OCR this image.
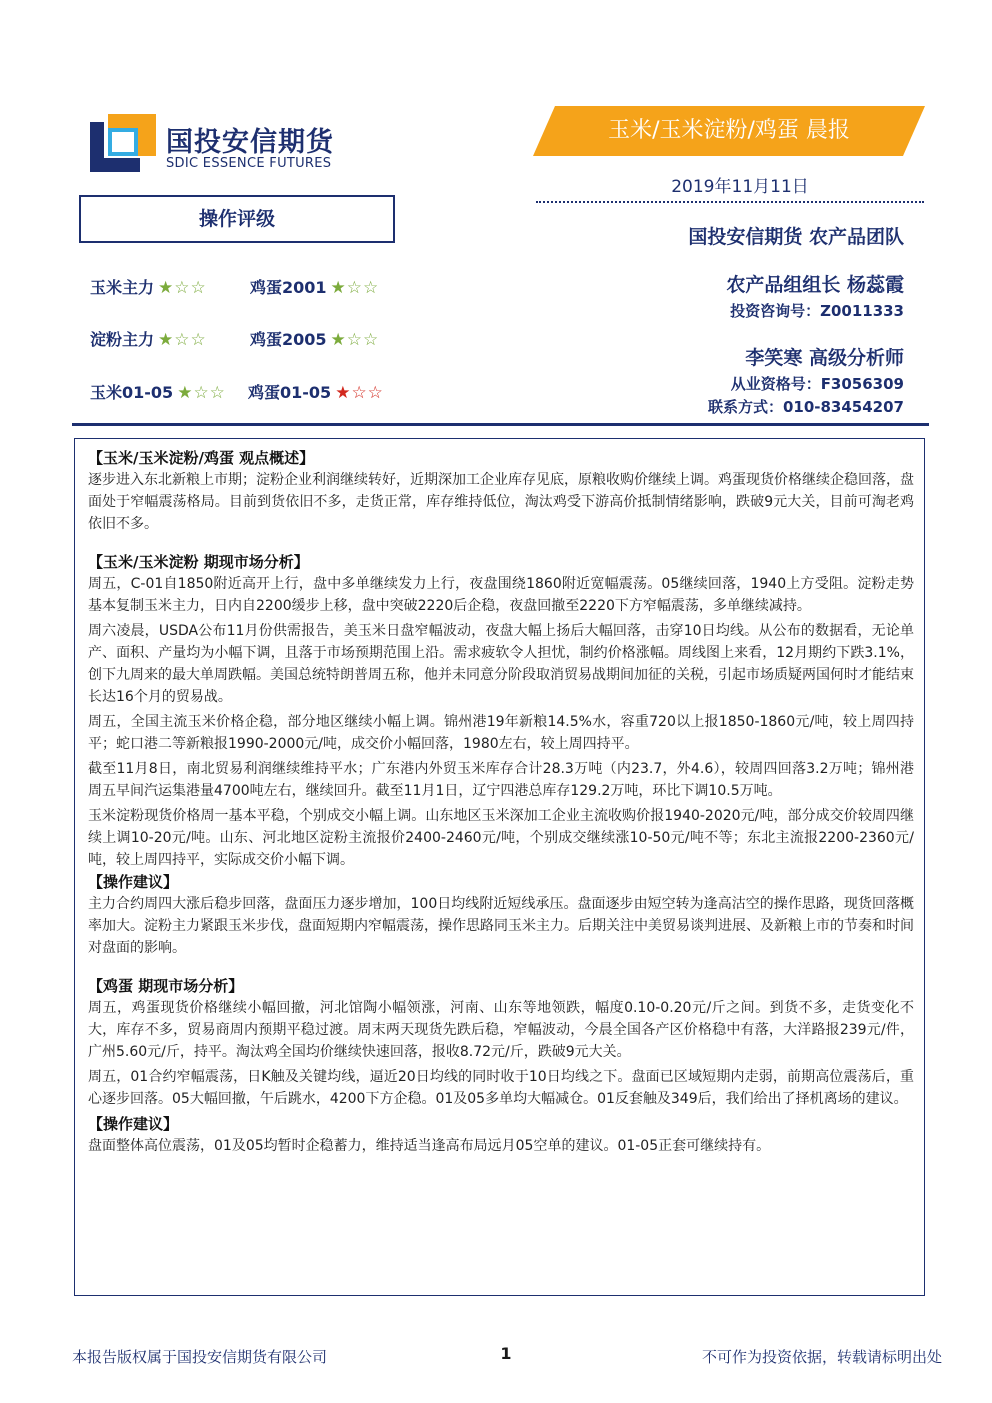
国投安信期货
SDIC ESSENCE FUTURES
玉米/玉米淀粉/鸡蛋 晨报
2019年11月11日
国投安信期货 农产品团队
农产品组组长 杨蕊霞
投资咨询号：Z0011333
李笑寒 高级分析师
从业资格号：F3056309
联系方式：010-83454207
操作评级
玉米主力 ★☆☆	鸡蛋2001 ★☆☆
淀粉主力 ★☆☆	鸡蛋2005 ★☆☆
玉米01-05 ★☆☆ 鸡蛋01-05 ★☆☆
【玉米/玉米淀粉/鸡蛋 观点概述】

逐步进入东北新粮上市期；淀粉企业利润继续转好，近期深加工企业库存见底，原粮收购价继续上调。鸡蛋现货价格继续企稳回落，盘面处于窄幅震荡格局。目前到货依旧不多，走货正常，库存维持低位，淘汰鸡受下游高价抵制情绪影响，跌破9元大关，目前可淘老鸡依旧不多。

【玉米/玉米淀粉 期现市场分析】

周五，C-01自1850附近高开上行，盘中多单继续发力上行，夜盘围绕1860附近宽幅震荡。05继续回落，1940上方受阻。淀粉走势基本复制玉米主力，日内自2200缓步上移，盘中突破2220后企稳，夜盘回撤至2220下方窄幅震荡，多单继续减持。

周六凌晨，USDA公布11月份供需报告，美玉米日盘窄幅波动，夜盘大幅上扬后大幅回落，击穿10日均线。从公布的数据看，无论单产、面积、产量均为小幅下调，且落于市场预期范围上沿。需求疲软令人担忧，制约价格涨幅。周线图上来看，12月期约下跌3.1%，创下九周来的最大单周跌幅。美国总统特朗普周五称，他并未同意分阶段取消贸易战期间加征的关税，引起市场质疑两国何时才能结束长达16个月的贸易战。

周五，全国主流玉米价格企稳，部分地区继续小幅上调。锦州港19年新粮14.5%水，容重720以上报1850-1860元/吨，较上周四持平；蛇口港二等新粮报1990-2000元/吨，成交价小幅回落，1980左右，较上周四持平。

截至11月8日，南北贸易利润继续维持平水；广东港内外贸玉米库存合计28.3万吨（内23.7，外4.6），较周四回落3.2万吨；锦州港周五早间汽运集港量4700吨左右，继续回升。截至11月1日，辽宁四港总库存129.2万吨，环比下调10.5万吨。

玉米淀粉现货价格周一基本平稳，个别成交小幅上调。山东地区玉米深加工企业主流收购价报1940-2020元/吨，部分成交价较周四继续上调10-20元/吨。山东、河北地区淀粉主流报价2400-2460元/吨，个别成交继续涨10-50元/吨不等；东北主流报2200-2360元/吨，较上周四持平，实际成交价小幅下调。

【操作建议】

主力合约周四大涨后稳步回落，盘面压力逐步增加，100日均线附近短线承压。盘面逐步由短空转为逢高沽空的操作思路，现货回落概率加大。淀粉主力紧跟玉米步伐，盘面短期内窄幅震荡，操作思路同玉米主力。后期关注中美贸易谈判进展、及新粮上市的节奏和时间对盘面的影响。

【鸡蛋 期现市场分析】

周五，鸡蛋现货价格继续小幅回撤，河北馆陶小幅领涨，河南、山东等地领跌，幅度0.10-0.20元/斤之间。到货不多，走货变化不大，库存不多，贸易商周内预期平稳过渡。周末两天现货先跌后稳，窄幅波动，今晨全国各产区价格稳中有落，大洋路报239元/件，广州5.60元/斤，持平。淘汰鸡全国均价继续快速回落，报收8.72元/斤，跌破9元大关。

周五，01合约窄幅震荡，日K触及关键均线，逼近20日均线的同时收于10日均线之下。盘面已区域短期内走弱，前期高位震荡后，重心逐步回落。05大幅回撤，午后跳水，4200下方企稳。01及05多单均大幅减仓。01反套触及349后，我们给出了择机离场的建议。

【操作建议】

盘面整体高位震荡，01及05均暂时企稳蓄力，维持适当逢高布局远月05空单的建议。01-05正套可继续持有。

本报告版权属于国投安信期货有限公司	1	不可作为投资依据，转载请标明出处
